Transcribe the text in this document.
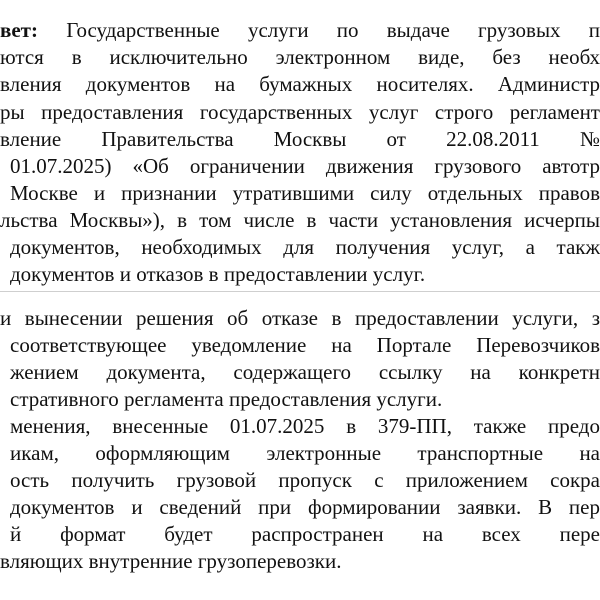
вет: Государственные услуги по выдаче грузовых п
ются в исключительно электронном виде, без необх
вления документов на бумажных носителях. Администр
ры предоставления государственных услуг строго регламент
вление Правительства Москвы от 22.08.2011 №
01.07.2025) «Об ограничении движения грузового автотр
Москве и признании утратившими силу отдельных правов
льства Москвы»), в том числе в части установления исчерпы
документов, необходимых для получения услуг, а такж
документов и отказов в предоставлении услуг.
и вынесении решения об отказе в предоставлении услуги, з
соответствующее уведомление на Портале Перевозчиков
жением документа, содержащего ссылку на конкретн
стративного регламента предоставления услуги.
менения, внесенные 01.07.2025 в 379-ПП, также предо
икам, оформляющим электронные транспортные на
ость получить грузовой пропуск с приложением сокра
документов и сведений при формировании заявки. В пер
й формат будет распространен на всех пере
вляющих внутренние грузоперевозки.
